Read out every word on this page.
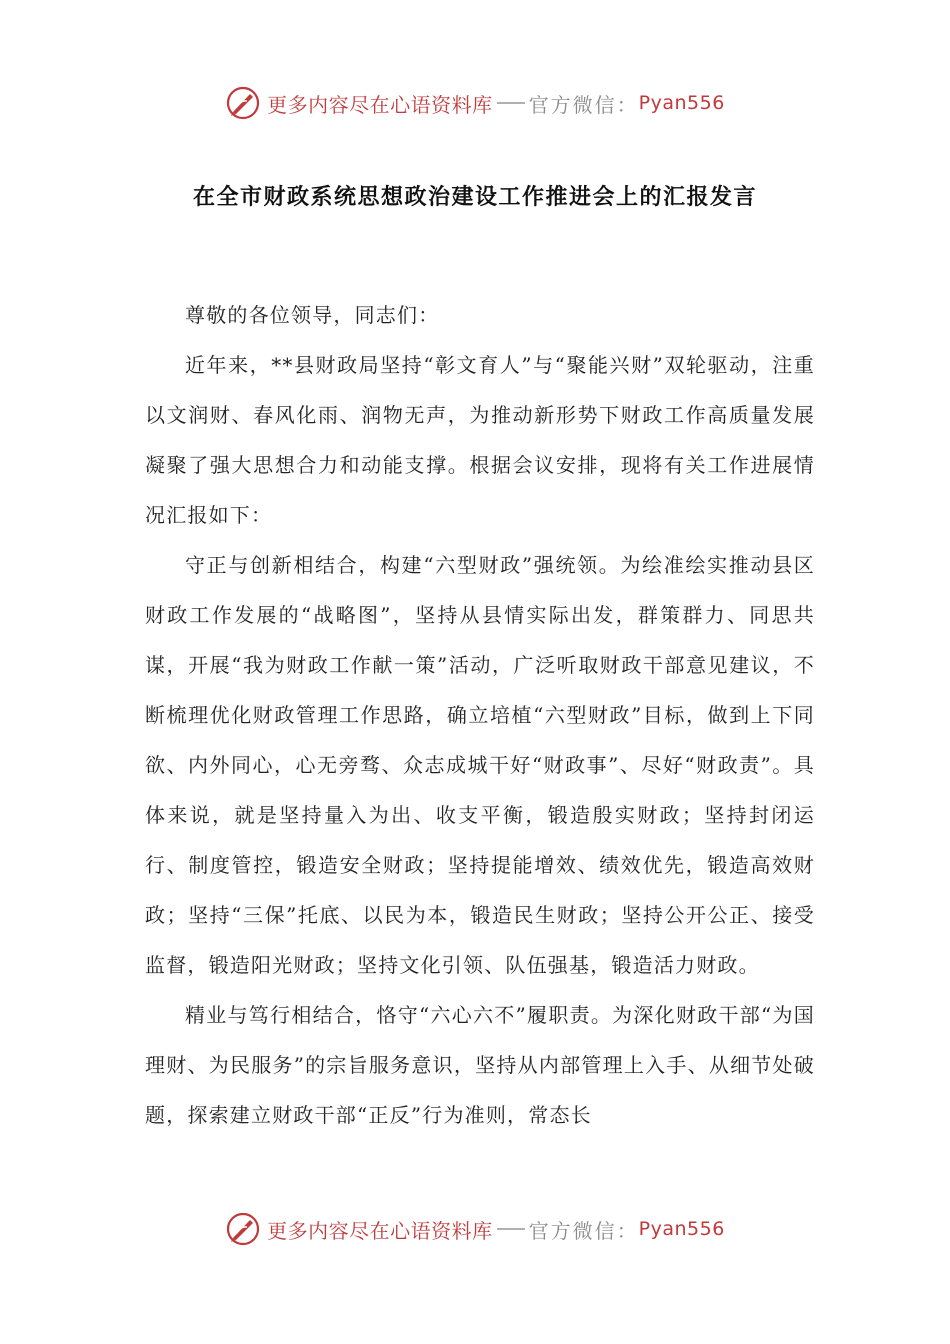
更多内容尽在心语资料库 官方微信： Pyan556
在全市财政系统思想政治建设工作推进会上的汇报发言

尊敬的各位领导，同志们：

近年来，**县财政局坚持“彰文育人”与“聚能兴财”双轮驱动，注重以文润财、春风化雨、润物无声，为推动新形势下财政工作高质量发展凝聚了强大思想合力和动能支撑。根据会议安排，现将有关工作进展情况汇报如下：

守正与创新相结合，构建“六型财政”强统领。为绘准绘实推动县区财政工作发展的“战略图”，坚持从县情实际出发，群策群力、同思共谋，开展“我为财政工作献一策”活动，广泛听取财政干部意见建议，不断梳理优化财政管理工作思路，确立培植“六型财政”目标，做到上下同欲、内外同心，心无旁骛、众志成城干好“财政事”、尽好“财政责”。具体来说，就是坚持量入为出、收支平衡，锻造殷实财政；坚持封闭运行、制度管控，锻造安全财政；坚持提能增效、绩效优先，锻造高效财政；坚持“三保”托底、以民为本，锻造民生财政；坚持公开公正、接受监督，锻造阳光财政；坚持文化引领、队伍强基，锻造活力财政。

精业与笃行相结合，恪守“六心六不”履职责。为深化财政干部“为国理财、为民服务”的宗旨服务意识，坚持从内部管理上入手、从细节处破题，探索建立财政干部“正反”行为准则，常态长

更多内容尽在心语资料库 官方微信： Pyan556
